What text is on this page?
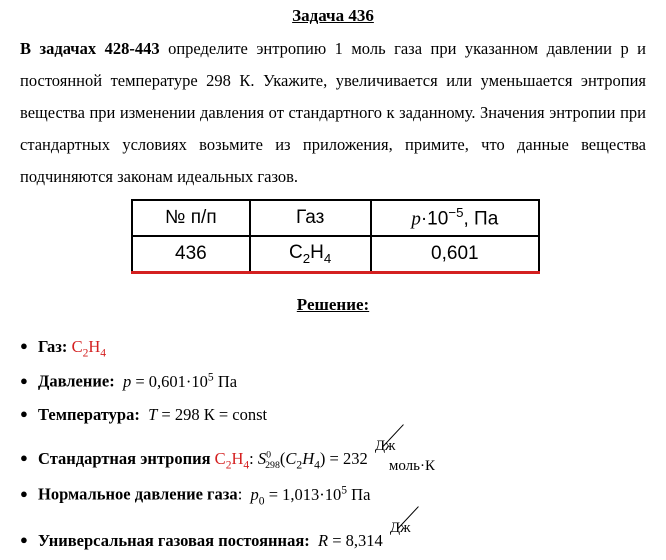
Задача 436
В задачах 428-443 определите энтропию 1 моль газа при указанном давлении р и постоянной температуре 298 К. Укажите, увеличивается или уменьшается энтропия вещества при изменении давления от стандартного к заданному. Значения энтропии при стандартных условиях возьмите из приложения, примите, что данные вещества подчиняются законам идеальных газов.
№ п/п	Газ	$p\cdot 10^{-5}$, Па
436	$C_2H_4$	0,601
Решение:
● Газ: $C_2H_4$
● Давление: $p = 0,601\cdot 10^5$ Па
● Температура: T = 298 К = const
● Стандартная энтропия $C_2H_4$: $S^0_{298}(C_2H_4) = 232$
Дж
моль·К
● Нормальное давление газа:  $p_0 = 1,013\cdot 10^5$ Па
● Универсальная газовая постоянная: R = 8,314
Дж
